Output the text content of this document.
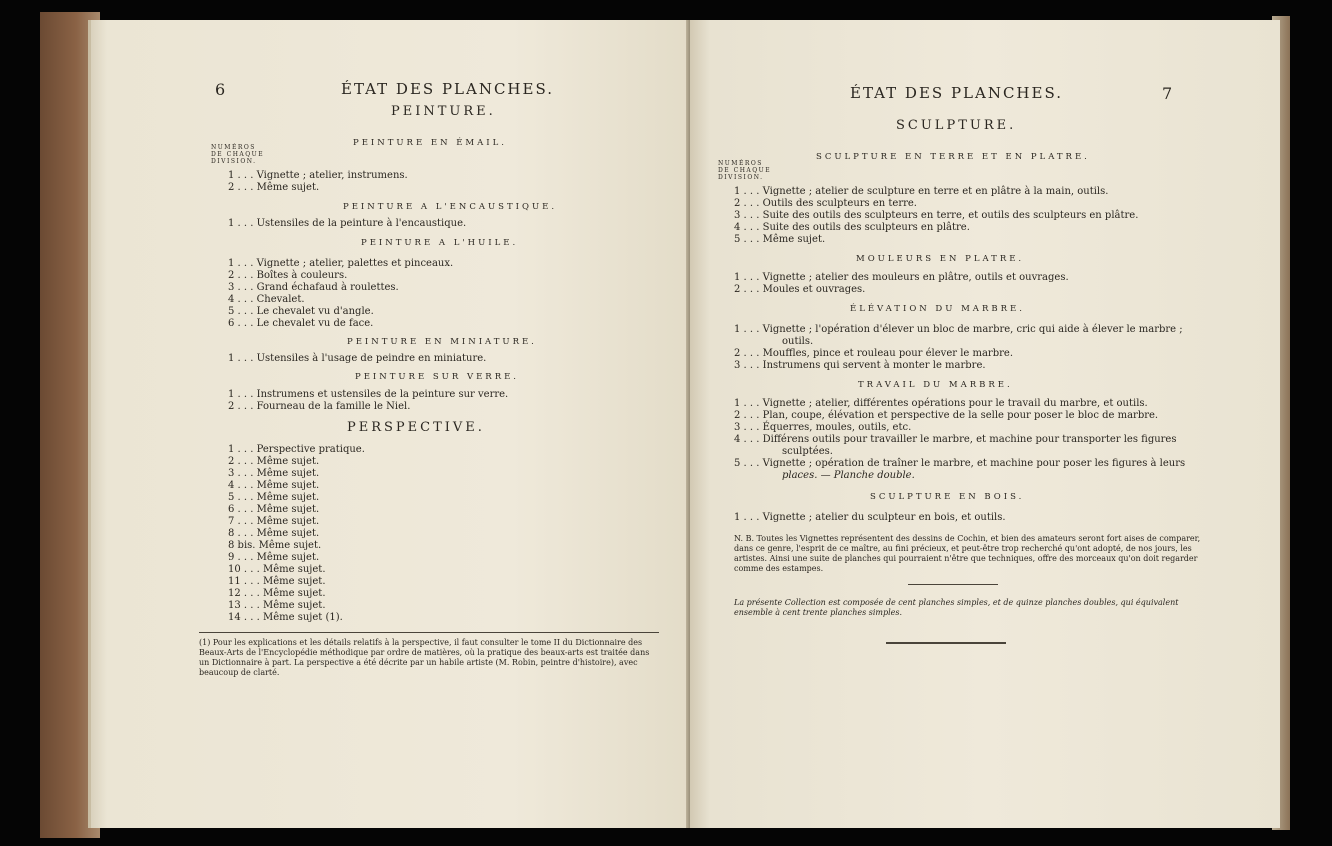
6	ÉTAT DES PLANCHES.
PEINTURE.
NUMÉROS
DE CHAQUE
DIVISION.
PEINTURE EN ÉMAIL.
1 . . . Vignette ; atelier, instrumens.
2 . . . Même sujet.
PEINTURE A L'ENCAUSTIQUE.
1 . . . Ustensiles de la peinture à l'encaustique.
PEINTURE A L'HUILE.
1 . . . Vignette ; atelier, palettes et pinceaux.
2 . . . Boîtes à couleurs.
3 . . . Grand échafaud à roulettes.
4 . . . Chevalet.
5 . . . Le chevalet vu d'angle.
6 . . . Le chevalet vu de face.
PEINTURE EN MINIATURE.
1 . . . Ustensiles à l'usage de peindre en miniature.
PEINTURE SUR VERRE.
1 . . . Instrumens et ustensiles de la peinture sur verre.
2 . . . Fourneau de la famille le Niel.
PERSPECTIVE.
1 . . . Perspective pratique.
2 . . . Même sujet.
3 . . . Même sujet.
4 . . . Même sujet.
5 . . . Même sujet.
6 . . . Même sujet.
7 . . . Même sujet.
8 . . . Même sujet.
8 bis. Même sujet.
9 . . . Même sujet.
10 . . . Même sujet.
11 . . . Même sujet.
12 . . . Même sujet.
13 . . . Même sujet.
14 . . . Même sujet (1).
(1) Pour les explications et les détails relatifs à la perspective, il faut consulter le tome II du Dictionnaire des Beaux-Arts de l'Encyclopédie méthodique par ordre de matières, où la pratique des beaux-arts est traitée dans un Dictionnaire à part. La perspective a été décrite par un habile artiste (M. Robin, peintre d'histoire), avec beaucoup de clarté.
ÉTAT DES PLANCHES.	7
SCULPTURE.
NUMÉROS
DE CHAQUE
DIVISION.
SCULPTURE EN TERRE ET EN PLATRE.
1 . . . Vignette ; atelier de sculpture en terre et en plâtre à la main, outils.
2 . . . Outils des sculpteurs en terre.
3 . . . Suite des outils des sculpteurs en terre, et outils des sculpteurs en plâtre.
4 . . . Suite des outils des sculpteurs en plâtre.
5 . . . Même sujet.
MOULEURS EN PLATRE.
1 . . . Vignette ; atelier des mouleurs en plâtre, outils et ouvrages.
2 . . . Moules et ouvrages.
ÉLÉVATION DU MARBRE.
1 . . . Vignette ; l'opération d'élever un bloc de marbre, cric qui aide à élever le marbre ;
outils.
2 . . . Mouffles, pince et rouleau pour élever le marbre.
3 . . . Instrumens qui servent à monter le marbre.
TRAVAIL DU MARBRE.
1 . . . Vignette ; atelier, différentes opérations pour le travail du marbre, et outils.
2 . . . Plan, coupe, élévation et perspective de la selle pour poser le bloc de marbre.
3 . . . Équerres, moules, outils, etc.
4 . . . Différens outils pour travailler le marbre, et machine pour transporter les figures
sculptées.
5 . . . Vignette ; opération de traîner le marbre, et machine pour poser les figures à leurs
places. — Planche double.
SCULPTURE EN BOIS.
1 . . . Vignette ; atelier du sculpteur en bois, et outils.
N. B. Toutes les Vignettes représentent des dessins de Cochin, et bien des amateurs seront fort aises de comparer, dans ce genre, l'esprit de ce maître, au fini précieux, et peut-être trop recherché qu'ont adopté, de nos jours, les artistes. Ainsi une suite de planches qui pourraient n'être que techniques, offre des morceaux qu'on doit regarder comme des estampes.
La présente Collection est composée de cent planches simples, et de quinze planches doubles, qui équivalent ensemble à cent trente planches simples.
